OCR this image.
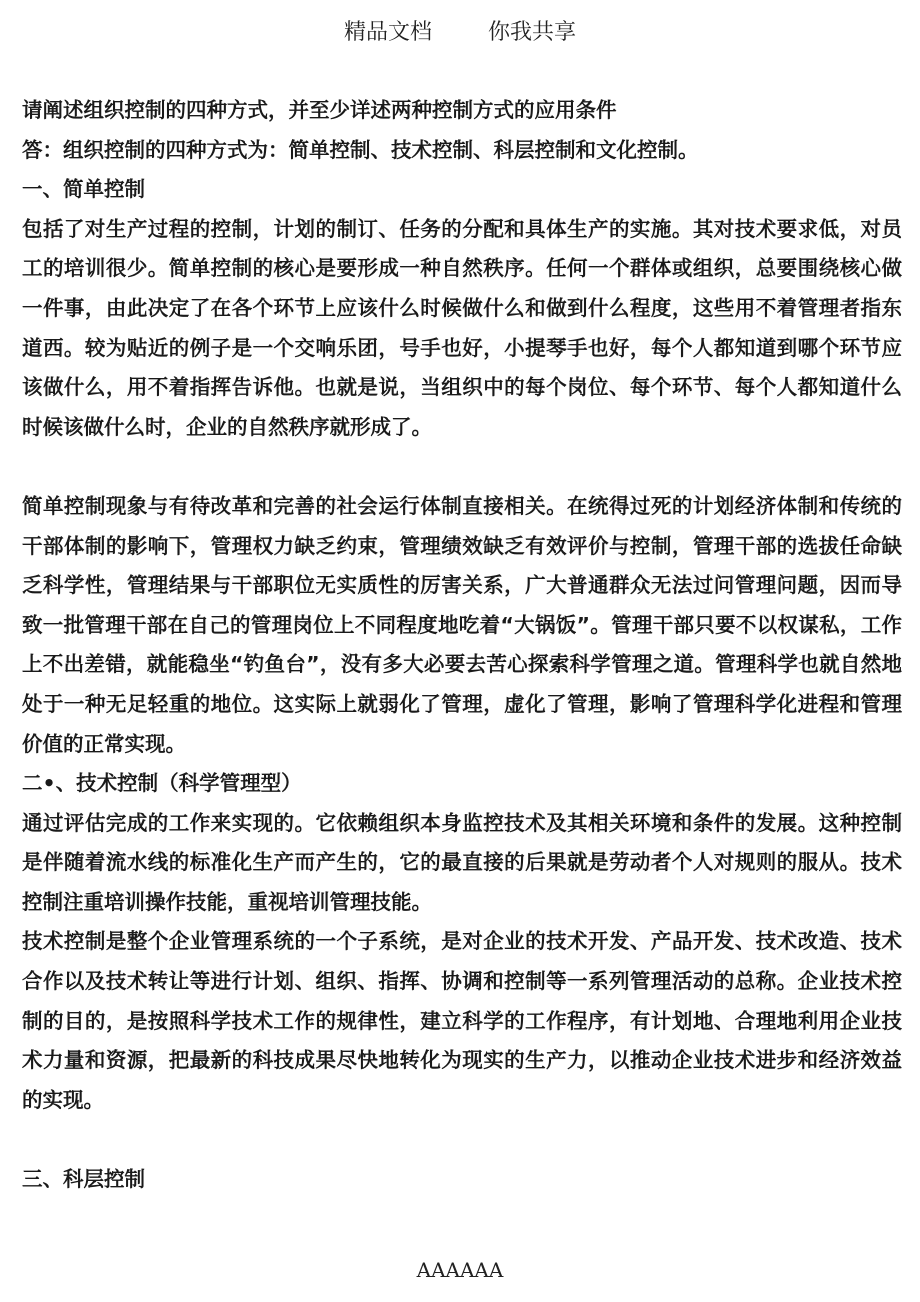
精品文档        你我共享

请阐述组织控制的四种方式，并至少详述两种控制方式的应用条件

答：组织控制的四种方式为：简单控制、技术控制、科层控制和文化控制。

一、简单控制

包括了对生产过程的控制，计划的制订、任务的分配和具体生产的实施。其对技术要求低，对员工的培训很少。简单控制的核心是要形成一种自然秩序。任何一个群体或组织，总要围绕核心做一件事，由此决定了在各个环节上应该什么时候做什么和做到什么程度，这些用不着管理者指东道西。较为贴近的例子是一个交响乐团，号手也好，小提琴手也好，每个人都知道到哪个环节应该做什么，用不着指挥告诉他。也就是说，当组织中的每个岗位、每个环节、每个人都知道什么时候该做什么时，企业的自然秩序就形成了。

简单控制现象与有待改革和完善的社会运行体制直接相关。在统得过死的计划经济体制和传统的干部体制的影响下，管理权力缺乏约束，管理绩效缺乏有效评价与控制，管理干部的选拔任命缺乏科学性，管理结果与干部职位无实质性的厉害关系，广大普通群众无法过问管理问题，因而导致一批管理干部在自己的管理岗位上不同程度地吃着“大锅饭”。管理干部只要不以权谋私，工作上不出差错，就能稳坐“钓鱼台”，没有多大必要去苦心探索科学管理之道。管理科学也就自然地处于一种无足轻重的地位。这实际上就弱化了管理，虚化了管理，影响了管理科学化进程和管理价值的正常实现。

二•、技术控制（科学管理型）

通过评估完成的工作来实现的。它依赖组织本身监控技术及其相关环境和条件的发展。这种控制是伴随着流水线的标准化生产而产生的，它的最直接的后果就是劳动者个人对规则的服从。技术控制注重培训操作技能，重视培训管理技能。

技术控制是整个企业管理系统的一个子系统，是对企业的技术开发、产品开发、技术改造、技术合作以及技术转让等进行计划、组织、指挥、协调和控制等一系列管理活动的总称。企业技术控制的目的，是按照科学技术工作的规律性，建立科学的工作程序，有计划地、合理地利用企业技术力量和资源，把最新的科技成果尽快地转化为现实的生产力，以推动企业技术进步和经济效益的实现。

三、科层控制

AAAAAA
